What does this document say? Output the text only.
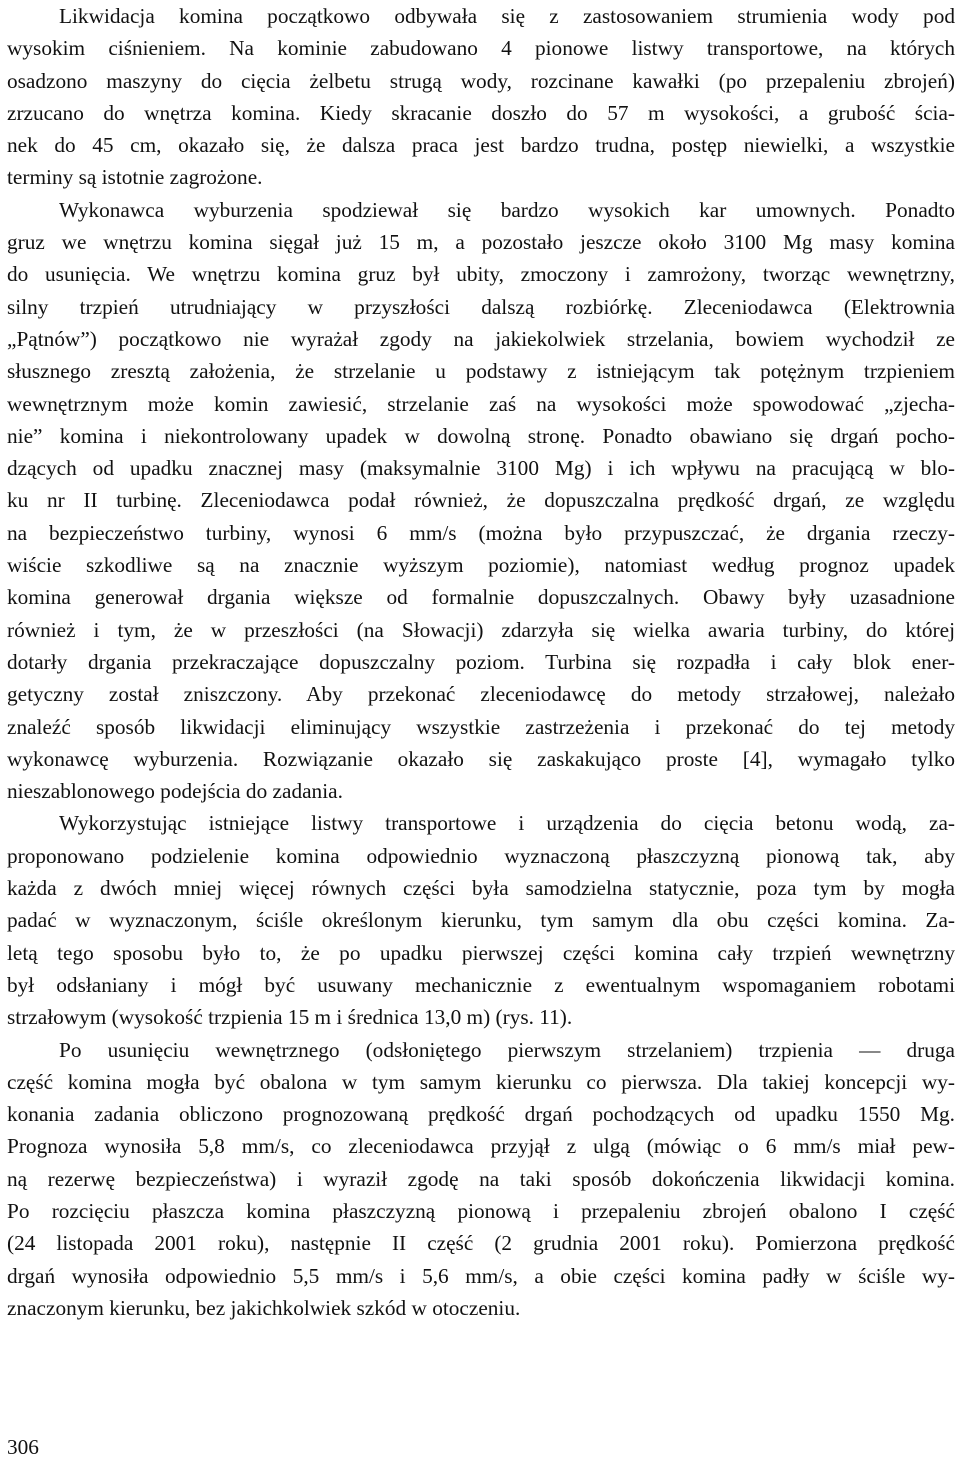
Likwidacja komina początkowo odbywała się z zastosowaniem strumienia wody pod
wysokim ciśnieniem. Na kominie zabudowano 4 pionowe listwy transportowe, na których
osadzono maszyny do cięcia żelbetu strugą wody, rozcinane kawałki (po przepaleniu zbrojeń)
zrzucano do wnętrza komina. Kiedy skracanie doszło do 57 m wysokości, a grubość ścia-
nek do 45 cm, okazało się, że dalsza praca jest bardzo trudna, postęp niewielki, a wszystkie
terminy są istotnie zagrożone.

Wykonawca wyburzenia spodziewał się bardzo wysokich kar umownych. Ponadto
gruz we wnętrzu komina sięgał już 15 m, a pozostało jeszcze około 3100 Mg masy komina
do usunięcia. We wnętrzu komina gruz był ubity, zmoczony i zamrożony, tworząc wewnętrzny,
silny trzpień utrudniający w przyszłości dalszą rozbiórkę. Zleceniodawca (Elektrownia
„Pątnów”) początkowo nie wyrażał zgody na jakiekolwiek strzelania, bowiem wychodził ze
słusznego zresztą założenia, że strzelanie u podstawy z istniejącym tak potężnym trzpieniem
wewnętrznym może komin zawiesić, strzelanie zaś na wysokości może spowodować „zjecha-
nie” komina i niekontrolowany upadek w dowolną stronę. Ponadto obawiano się drgań pocho-
dzących od upadku znacznej masy (maksymalnie 3100 Mg) i ich wpływu na pracującą w blo-
ku nr II turbinę. Zleceniodawca podał również, że dopuszczalna prędkość drgań, ze względu
na bezpieczeństwo turbiny, wynosi 6 mm/s (można było przypuszczać, że drgania rzeczy-
wiście szkodliwe są na znacznie wyższym poziomie), natomiast według prognoz upadek
komina generował drgania większe od formalnie dopuszczalnych. Obawy były uzasadnione
również i tym, że w przeszłości (na Słowacji) zdarzyła się wielka awaria turbiny, do której
dotarły drgania przekraczające dopuszczalny poziom. Turbina się rozpadła i cały blok ener-
getyczny został zniszczony. Aby przekonać zleceniodawcę do metody strzałowej, należało
znaleźć sposób likwidacji eliminujący wszystkie zastrzeżenia i przekonać do tej metody
wykonawcę wyburzenia. Rozwiązanie okazało się zaskakująco proste [4], wymagało tylko
nieszablonowego podejścia do zadania.

Wykorzystując istniejące listwy transportowe i urządzenia do cięcia betonu wodą, za-
proponowano podzielenie komina odpowiednio wyznaczoną płaszczyzną pionową tak, aby
każda z dwóch mniej więcej równych części była samodzielna statycznie, poza tym by mogła
padać w wyznaczonym, ściśle określonym kierunku, tym samym dla obu części komina. Za-
letą tego sposobu było to, że po upadku pierwszej części komina cały trzpień wewnętrzny
był odsłaniany i mógł być usuwany mechanicznie z ewentualnym wspomaganiem robotami
strzałowym (wysokość trzpienia 15 m i średnica 13,0 m) (rys. 11).

Po usunięciu wewnętrznego (odsłoniętego pierwszym strzelaniem) trzpienia — druga
część komina mogła być obalona w tym samym kierunku co pierwsza. Dla takiej koncepcji wy-
konania zadania obliczono prognozowaną prędkość drgań pochodzących od upadku 1550 Mg.
Prognoza wynosiła 5,8 mm/s, co zleceniodawca przyjął z ulgą (mówiąc o 6 mm/s miał pew-
ną rezerwę bezpieczeństwa) i wyraził zgodę na taki sposób dokończenia likwidacji komina.
Po rozcięciu płaszcza komina płaszczyzną pionową i przepaleniu zbrojeń obalono I część
(24 listopada 2001 roku), następnie II część (2 grudnia 2001 roku). Pomierzona prędkość
drgań wynosiła odpowiednio 5,5 mm/s i 5,6 mm/s, a obie części komina padły w ściśle wy-
znaczonym kierunku, bez jakichkolwiek szkód w otoczeniu.

306
